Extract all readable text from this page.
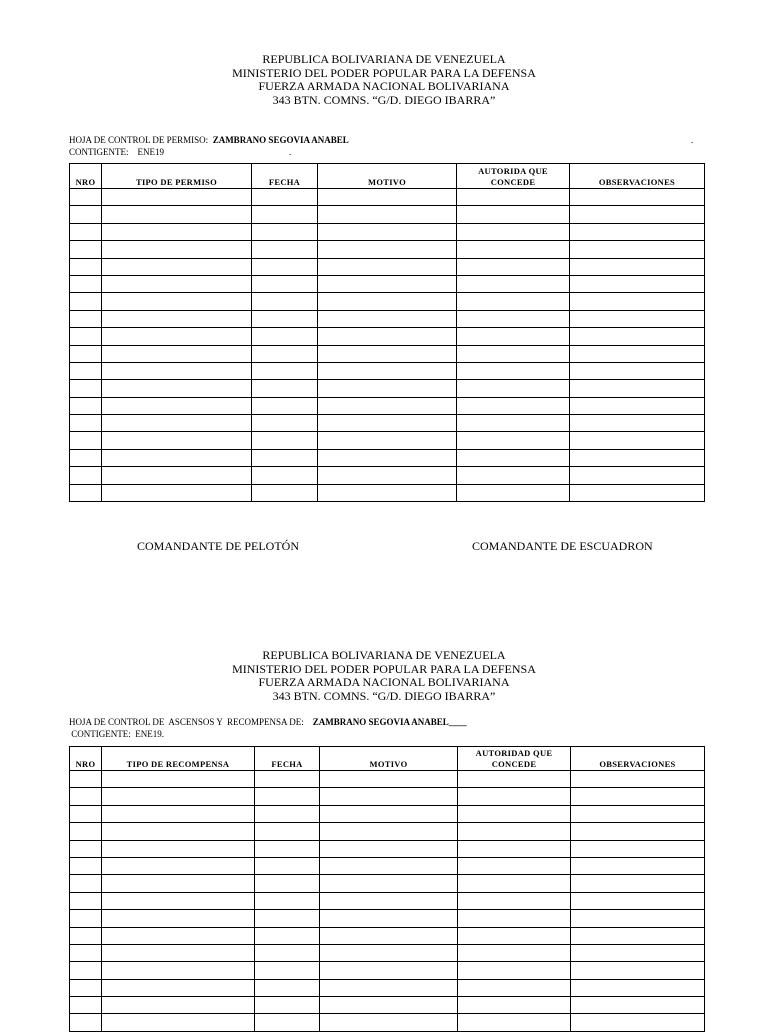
REPUBLICA BOLIVARIANA DE VENEZUELA
MINISTERIO DEL PODER POPULAR PARA LA DEFENSA
FUERZA ARMADA NACIONAL BOLIVARIANA
343 BTN. COMNS. “G/D. DIEGO IBARRA”
HOJA DE CONTROL DE PERMISO: ZAMBRANO SEGOVIA ANABEL
CONTIGENTE: ENE19
.
.
NRO	TIPO DE PERMISO	FECHA	MOTIVO	AUTORIDA QUE CONCEDE	OBSERVACIONES

COMANDANTE DE PELOTÓN	COMANDANTE DE ESCUADRON
REPUBLICA BOLIVARIANA DE VENEZUELA
MINISTERIO DEL PODER POPULAR PARA LA DEFENSA
FUERZA ARMADA NACIONAL BOLIVARIANA
343 BTN. COMNS. “G/D. DIEGO IBARRA”
HOJA DE CONTROL DE  ASCENSOS Y  RECOMPENSA DE: ZAMBRANO SEGOVIA ANABEL____
CONTIGENTE: ENE19.
NRO	TIPO DE RECOMPENSA	FECHA	MOTIVO	AUTORIDAD QUE CONCEDE	OBSERVACIONES
